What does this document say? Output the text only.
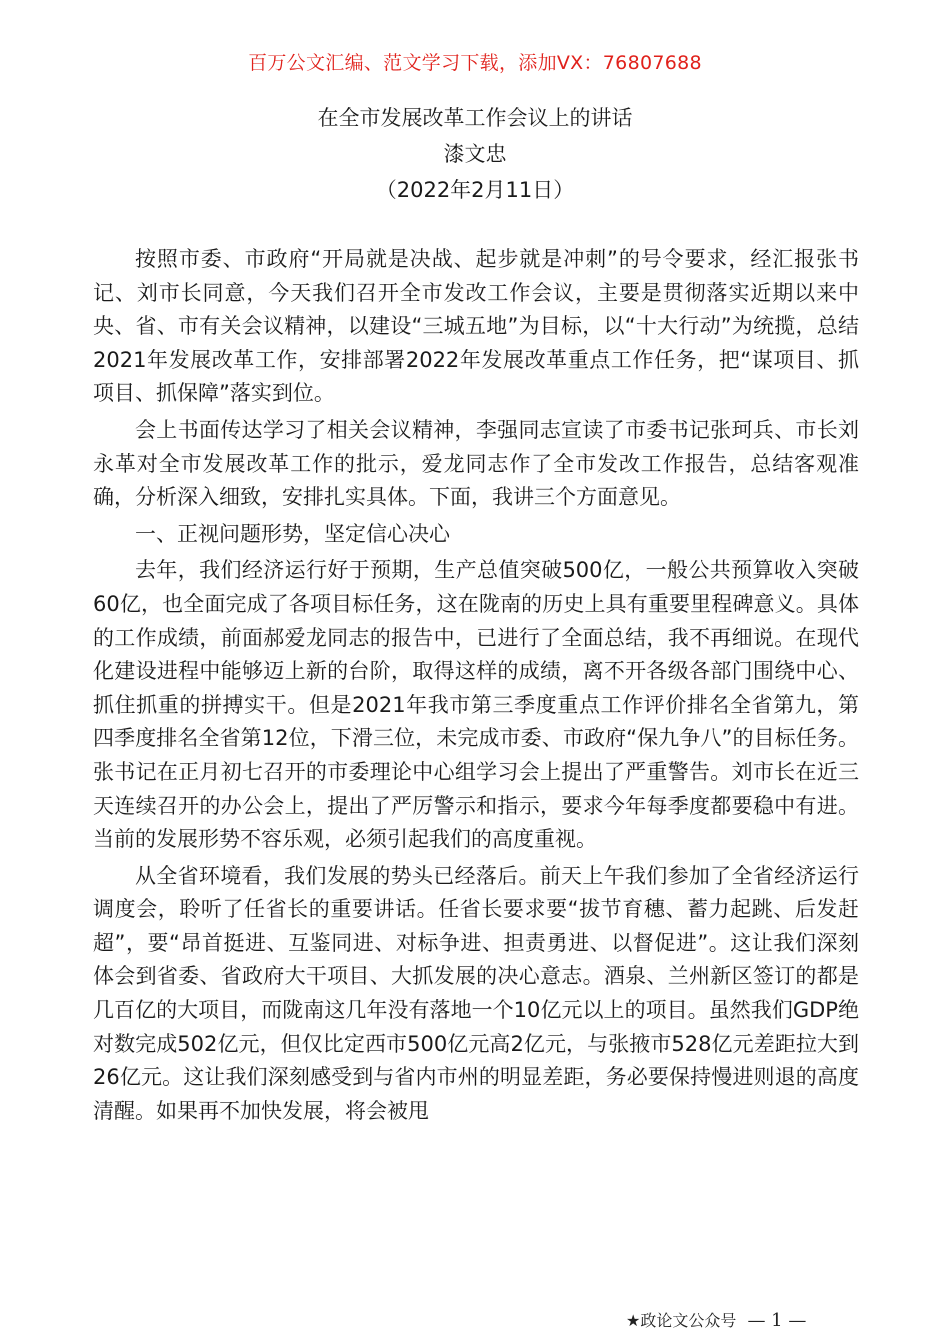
百万公文汇编、范文学习下载，添加VX：76807688
在全市发展改革工作会议上的讲话
漆文忠
（2022年2月11日）

按照市委、市政府“开局就是决战、起步就是冲刺”的号令要求，经汇报张书记、刘市长同意，今天我们召开全市发改工作会议，主要是贯彻落实近期以来中央、省、市有关会议精神，以建设“三城五地”为目标，以“十大行动”为统揽，总结2021年发展改革工作，安排部署2022年发展改革重点工作任务，把“谋项目、抓项目、抓保障”落实到位。

会上书面传达学习了相关会议精神，李强同志宣读了市委书记张珂兵、市长刘永革对全市发展改革工作的批示，爱龙同志作了全市发改工作报告，总结客观准确，分析深入细致，安排扎实具体。下面，我讲三个方面意见。

一、正视问题形势，坚定信心决心

去年，我们经济运行好于预期，生产总值突破500亿，一般公共预算收入突破60亿，也全面完成了各项目标任务，这在陇南的历史上具有重要里程碑意义。具体的工作成绩，前面郝爱龙同志的报告中，已进行了全面总结，我不再细说。在现代化建设进程中能够迈上新的台阶，取得这样的成绩，离不开各级各部门围绕中心、抓住抓重的拼搏实干。但是2021年我市第三季度重点工作评价排名全省第九，第四季度排名全省第12位，下滑三位，未完成市委、市政府“保九争八”的目标任务。张书记在正月初七召开的市委理论中心组学习会上提出了严重警告。刘市长在近三天连续召开的办公会上，提出了严厉警示和指示，要求今年每季度都要稳中有进。当前的发展形势不容乐观，必须引起我们的高度重视。

从全省环境看，我们发展的势头已经落后。前天上午我们参加了全省经济运行调度会，聆听了任省长的重要讲话。任省长要求要“拔节育穗、蓄力起跳、后发赶超”，要“昂首挺进、互鉴同进、对标争进、担责勇进、以督促进”。这让我们深刻体会到省委、省政府大干项目、大抓发展的决心意志。酒泉、兰州新区签订的都是几百亿的大项目，而陇南这几年没有落地一个10亿元以上的项目。虽然我们GDP绝对数完成502亿元，但仅比定西市500亿元高2亿元，与张掖市528亿元差距拉大到26亿元。这让我们深刻感受到与省内市州的明显差距，务必要保持慢进则退的高度清醒。如果再不加快发展，将会被甩

★政论文公众号 — 1 —
